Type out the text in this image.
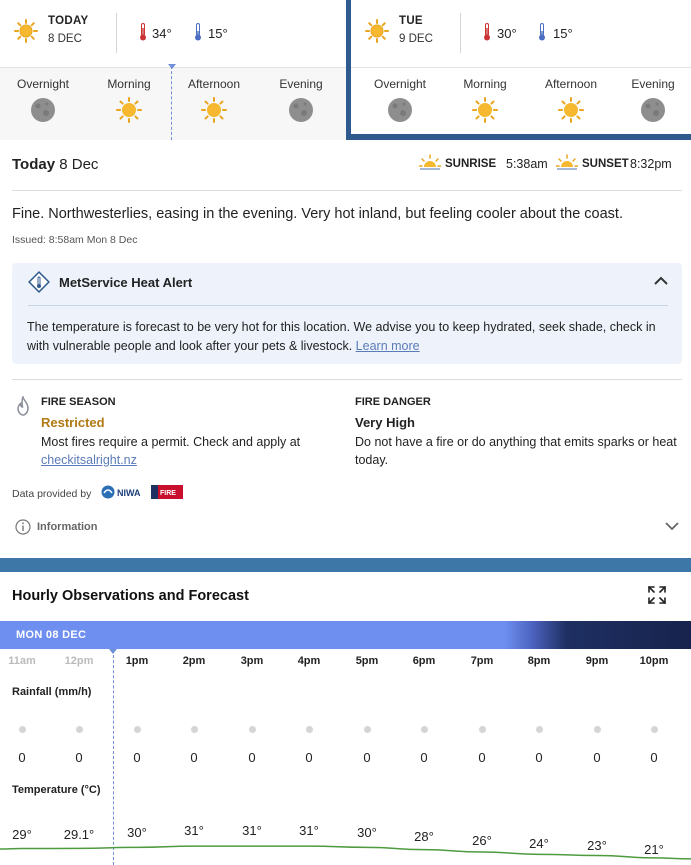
TODAY
8 DEC	34°	15°
Overnight	Morning	Afternoon	Evening
TUE
9 DEC	30°	15°
Overnight	Morning	Afternoon	Evening
Today 8 Dec	SUNRISE 5:38am	SUNSET 8:32pm
Fine. Northwesterlies, easing in the evening. Very hot inland, but feeling cooler about the coast.
Issued: 8:58am Mon 8 Dec
MetService Heat Alert
The temperature is forecast to be very hot for this location. We advise you to keep hydrated, seek shade, check in with vulnerable people and look after your pets & livestock. Learn more
FIRE SEASON
Restricted
Most fires require a permit. Check and apply at
checkitsalright.nz
FIRE DANGER
Very High
Do not have a fire or do anything that emits sparks or heat today.
Data provided by	NIWA	FIRE
Information
Hourly Observations and Forecast
MON 08 DEC
11am	12pm	1pm	2pm	3pm	4pm	5pm	6pm	7pm	8pm	9pm	10pm
Rainfall (mm/h)
0	0	0	0	0	0	0	0	0	0	0	0
Temperature (°C)
29° 29.1°	30°	31°	31°	31°	30°	28°	26°	24°	23°	21°
